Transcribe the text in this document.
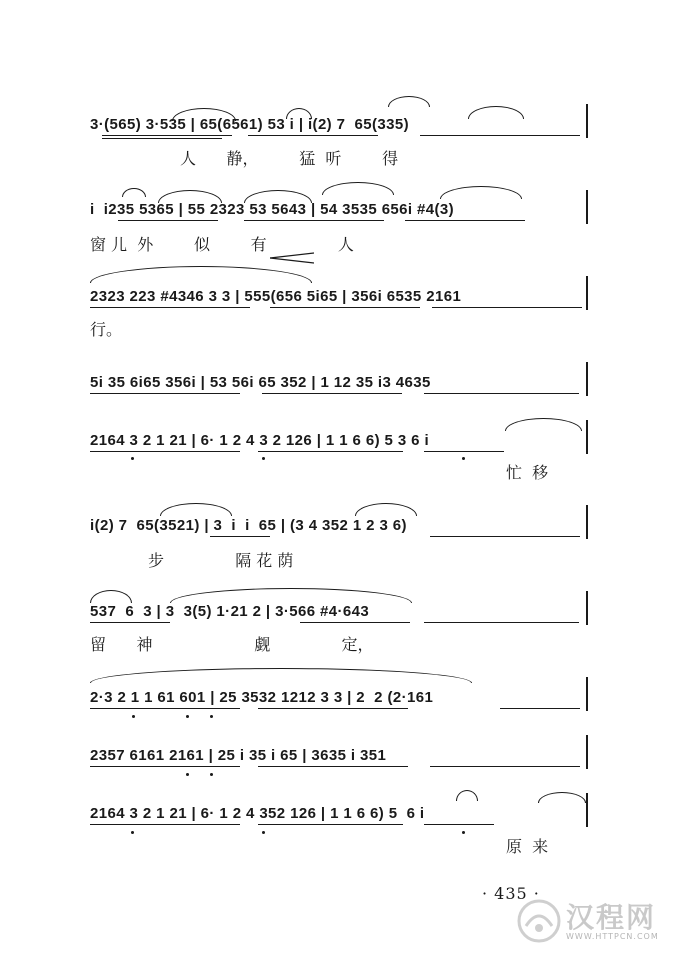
3·(565) 3·535 | 65(6561) 53 i | i(2) 7  65(335)
人      静，        猛  听        得
i  i235 5365 | 55 2323 53 5643 | 54 3535 656i #4(3)
窗 儿  外        似        有              人
2323 223 #4346 3 3 | 555(656 5i65 | 356i 6535 2161
行。
5i 35 6i65 356i | 53 56i 65 352 | 1 12 35 i3 4635
2164 3 2 1 21 | 6· 1 2 4 3 2 126 | 1 1 6 6) 5 3 6 i
忙  移
i(2) 7  65(3521) | 3  i  i  65 | (3 4 352 1 2 3 6)
步              隔 花 荫
537  6  3 | 3  3(5) 1·21 2 | 3·566 #4·643
留      神                    觑              定，
2·3 2 1 1 61 601 | 25 3532 1212 3 3 | 2  2 (2·161
2357 6161 2161 | 25 i 35 i 65 | 3635 i 351
2164 3 2 1 21 | 6· 1 2 4 352 126 | 1 1 6 6) 5  6 i
原  来
· 435 ·
汉程网
WWW.HTTPCN.COM
